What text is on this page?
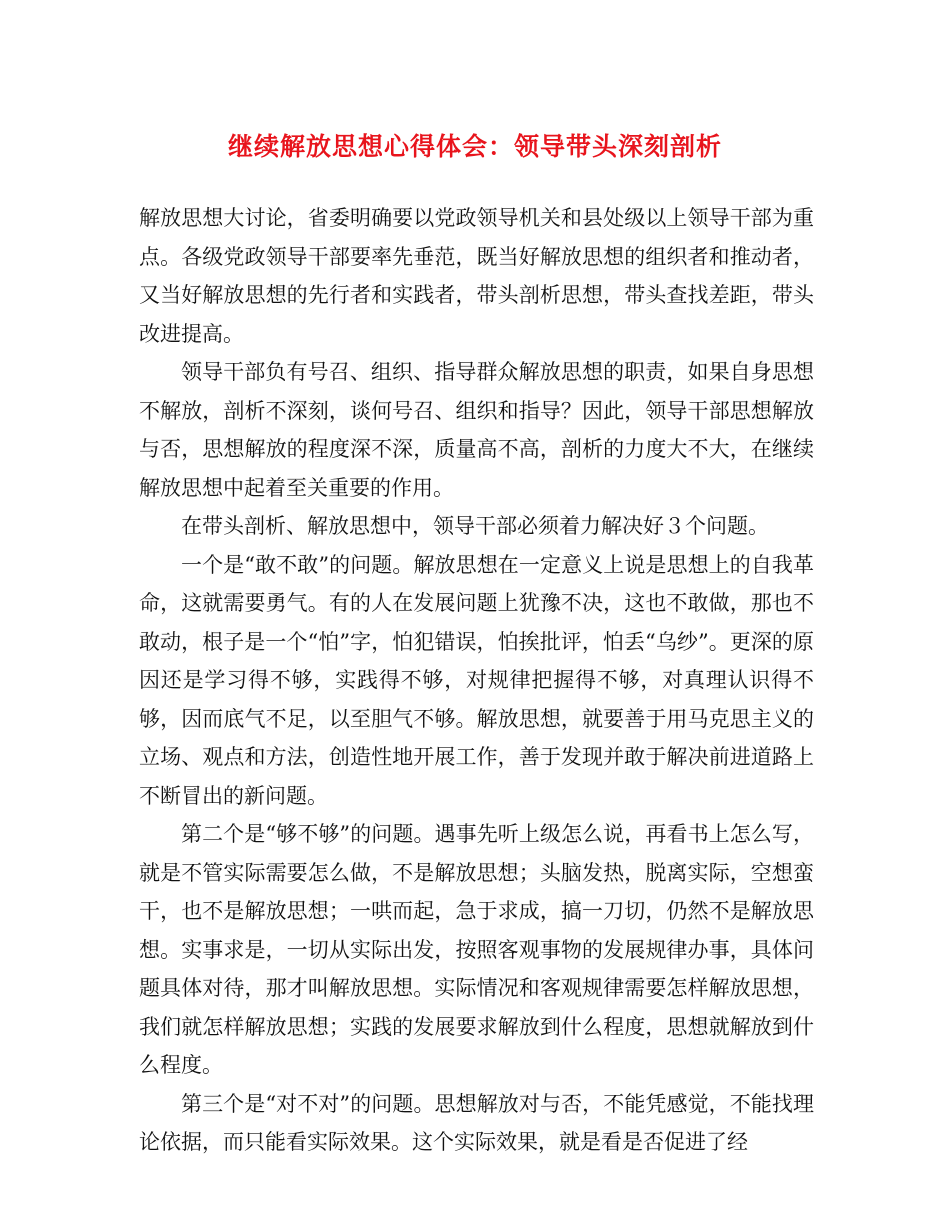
继续解放思想心得体会：领导带头深刻剖析

解放思想大讨论，省委明确要以党政领导机关和县处级以上领导干部为重点。各级党政领导干部要率先垂范，既当好解放思想的组织者和推动者，又当好解放思想的先行者和实践者，带头剖析思想，带头查找差距，带头改进提高。

领导干部负有号召、组织、指导群众解放思想的职责，如果自身思想不解放，剖析不深刻，谈何号召、组织和指导？因此，领导干部思想解放与否，思想解放的程度深不深，质量高不高，剖析的力度大不大，在继续解放思想中起着至关重要的作用。

在带头剖析、解放思想中，领导干部必须着力解决好３个问题。

一个是“敢不敢”的问题。解放思想在一定意义上说是思想上的自我革命，这就需要勇气。有的人在发展问题上犹豫不决，这也不敢做，那也不敢动，根子是一个“怕”字，怕犯错误，怕挨批评，怕丢“乌纱”。更深的原因还是学习得不够，实践得不够，对规律把握得不够，对真理认识得不够，因而底气不足，以至胆气不够。解放思想，就要善于用马克思主义的立场、观点和方法，创造性地开展工作，善于发现并敢于解决前进道路上不断冒出的新问题。

第二个是“够不够”的问题。遇事先听上级怎么说，再看书上怎么写，就是不管实际需要怎么做，不是解放思想；头脑发热，脱离实际，空想蛮干，也不是解放思想；一哄而起，急于求成，搞一刀切，仍然不是解放思想。实事求是，一切从实际出发，按照客观事物的发展规律办事，具体问题具体对待，那才叫解放思想。实际情况和客观规律需要怎样解放思想，我们就怎样解放思想；实践的发展要求解放到什么程度，思想就解放到什么程度。

第三个是“对不对”的问题。思想解放对与否，不能凭感觉，不能找理论依据，而只能看实际效果。这个实际效果，就是看是否促进了经
